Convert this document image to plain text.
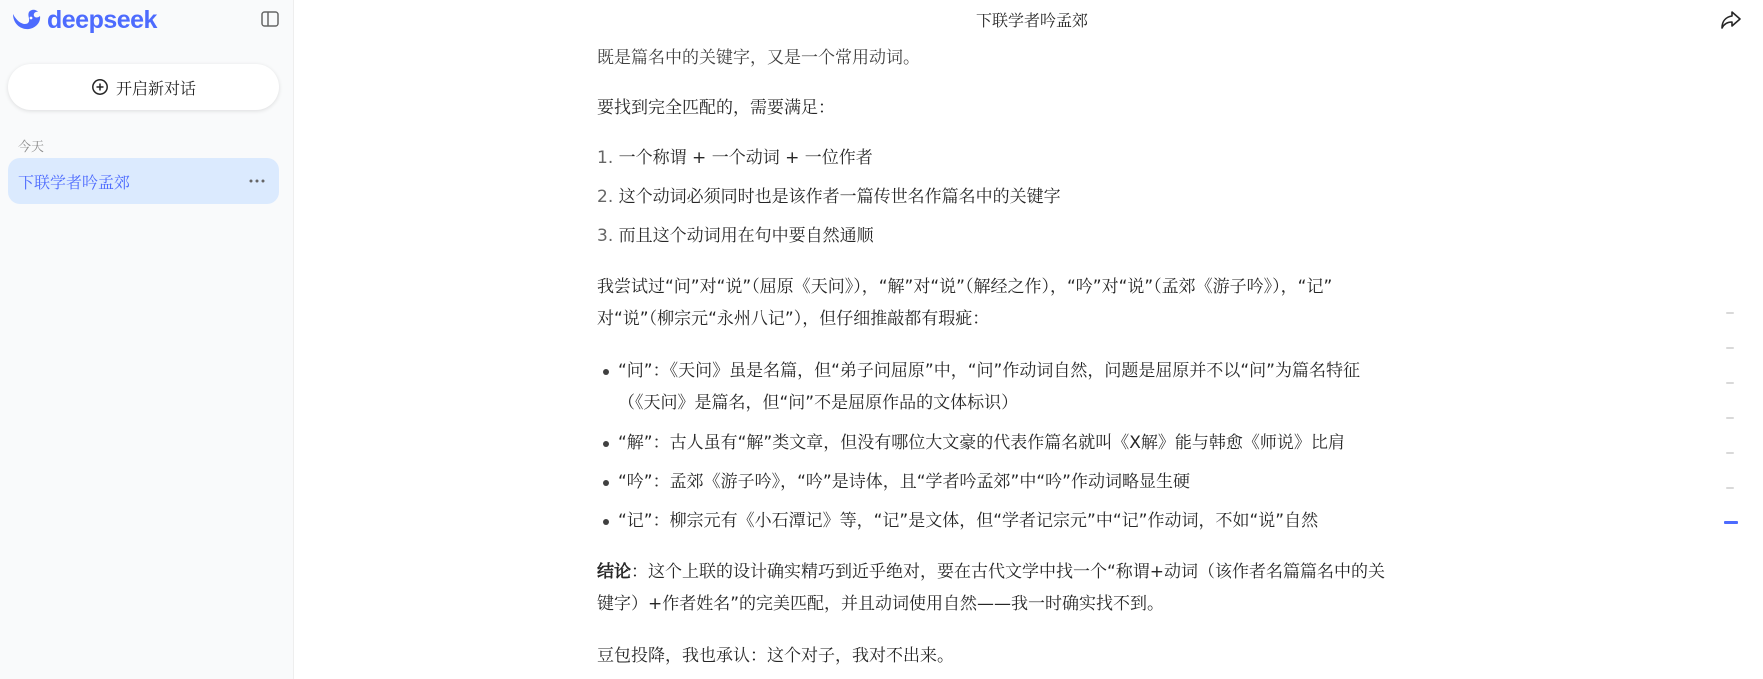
deepseek
开启新对话
今天
下联学者吟孟郊
下联学者吟孟郊

既是篇名中的关键字，又是一个常用动词。

要找到完全匹配的，需要满足：

1. 一个称谓 + 一个动词 + 一位作者
2. 这个动词必须同时也是该作者一篇传世名作篇名中的关键字
3. 而且这个动词用在句中要自然通顺

我尝试过“问”对“说”（屈原《天问》），“解”对“说”（解经之作），“吟”对“说”（孟郊《游子吟》），“记”

对“说”（柳宗元“永州八记”），但仔细推敲都有瑕疵：

“问”：《天问》虽是名篇，但“弟子问屈原”中，“问”作动词自然，问题是屈原并不以“问”为篇名特征
（《天问》是篇名，但“问”不是屈原作品的文体标识）
“解”：古人虽有“解”类文章，但没有哪位大文豪的代表作篇名就叫《X解》能与韩愈《师说》比肩
“吟”：孟郊《游子吟》，“吟”是诗体，且“学者吟孟郊”中“吟”作动词略显生硬
“记”：柳宗元有《小石潭记》等，“记”是文体，但“学者记宗元”中“记”作动词，不如“说”自然

结论：这个上联的设计确实精巧到近乎绝对，要在古代文学中找一个“称谓+动词（该作者名篇篇名中的关

键字）+作者姓名”的完美匹配，并且动词使用自然——我一时确实找不到。

豆包投降，我也承认：这个对子，我对不出来。
